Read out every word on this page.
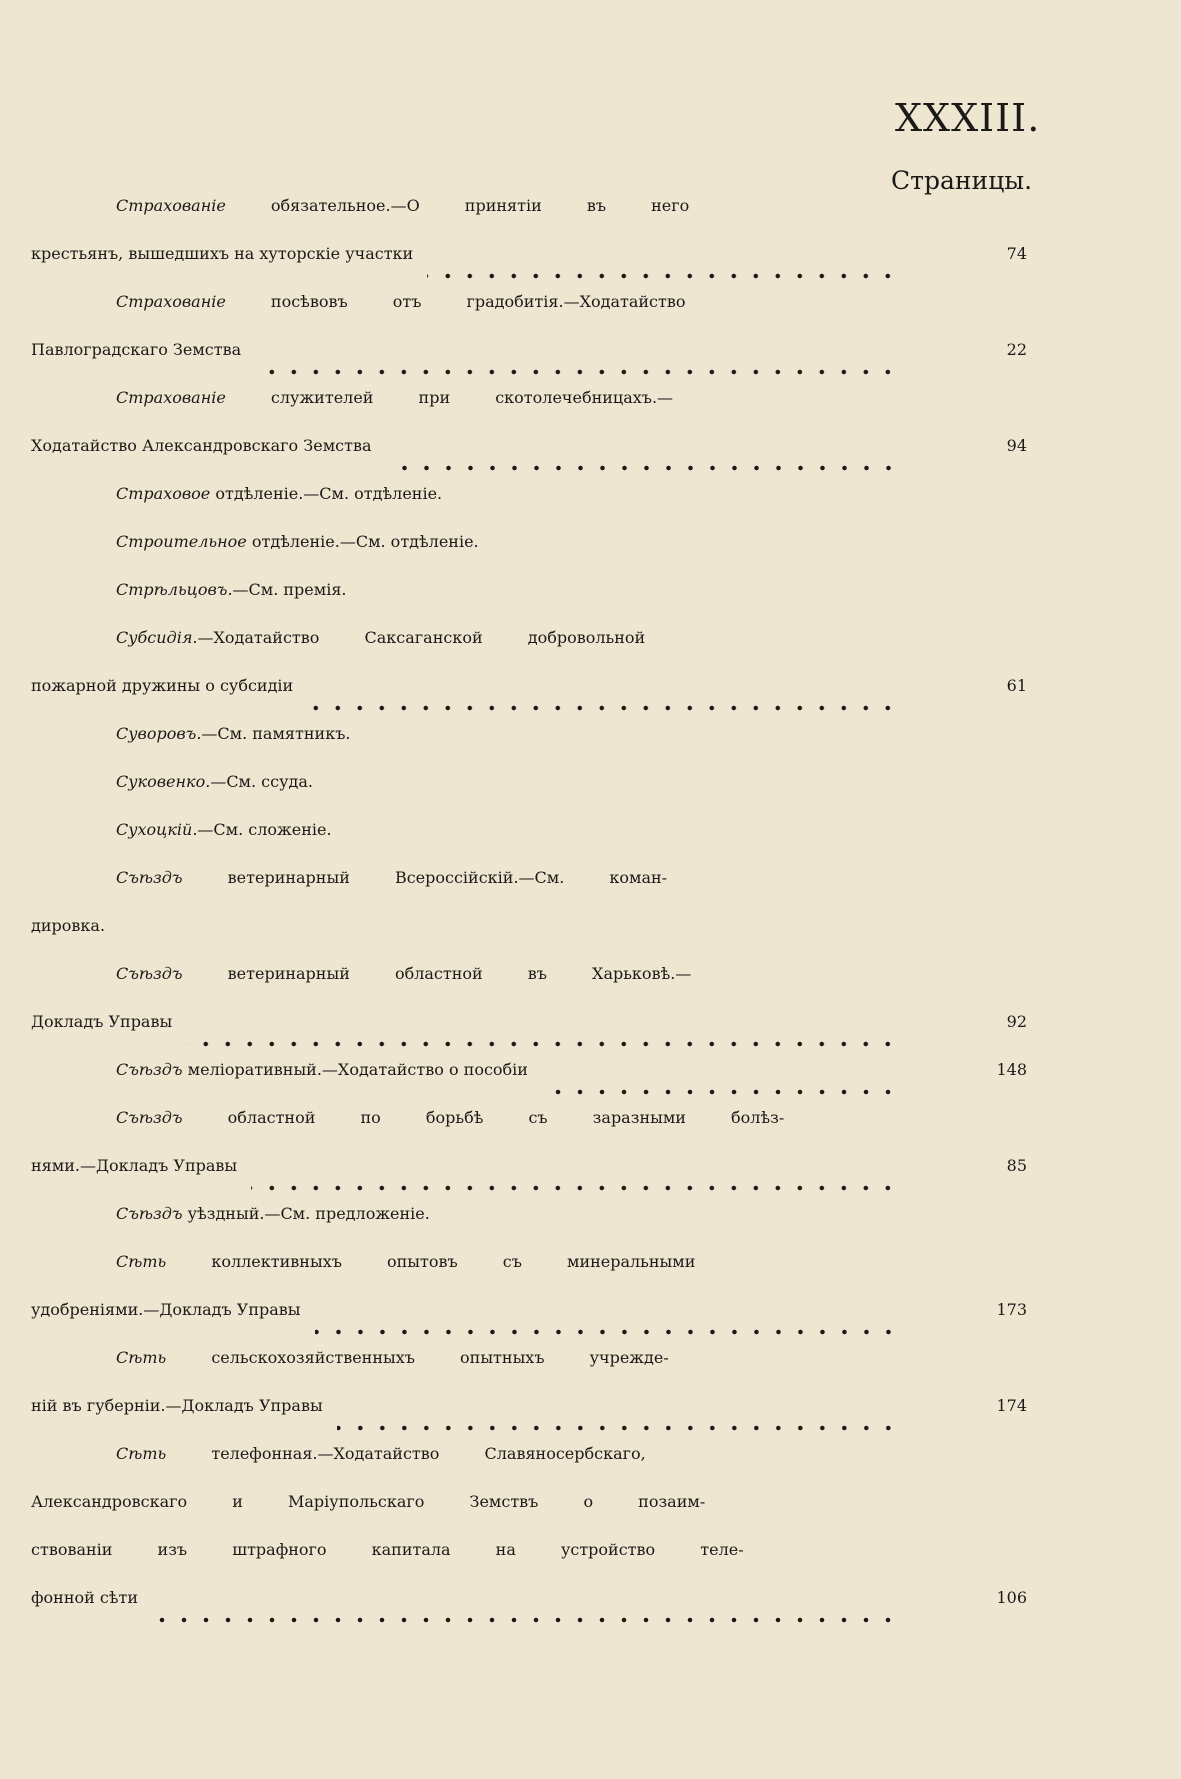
XXXIII.
Страницы.
Страхованіе обязательное.—О принятіи въ него
крестьянъ, вышедшихъ на хуторскіе участки	74
Страхованіе посѣвовъ отъ градобитія.—Ходатайство
Павлоградскаго Земства	22
Страхованіе служителей при скотолечебницахъ.—
Ходатайство Александровскаго Земства	94
Страховое отдѣленіе.—См. отдѣленіе.
Строительное отдѣленіе.—См. отдѣленіе.
Стрѣльцовъ.—См. премія.
Субсидія.—Ходатайство Саксаганской добровольной
пожарной дружины о субсидіи	61
Суворовъ.—См. памятникъ.
Суковенко.—См. ссуда.
Сухоцкій.—См. сложеніе.
Съѣздъ ветеринарный Всероссійскій.—См. коман-
дировка.
Съѣздъ ветеринарный областной въ Харьковѣ.—
Докладъ Управы	92
Съѣздъ меліоративный.—Ходатайство о пособіи	148
Съѣздъ областной по борьбѣ съ заразными болѣз-
нями.—Докладъ Управы	85
Съѣздъ уѣздный.—См. предложеніе.
Сѣть коллективныхъ опытовъ съ минеральными
удобреніями.—Докладъ Управы	173
Сѣть сельскохозяйственныхъ опытныхъ учрежде-
ній въ губерніи.—Докладъ Управы	174
Сѣть телефонная.—Ходатайство Славяносербскаго,
Александровскаго и Маріупольскаго Земствъ о позаим-
ствованіи изъ штрафного капитала на устройство теле-
фонной сѣти	106
